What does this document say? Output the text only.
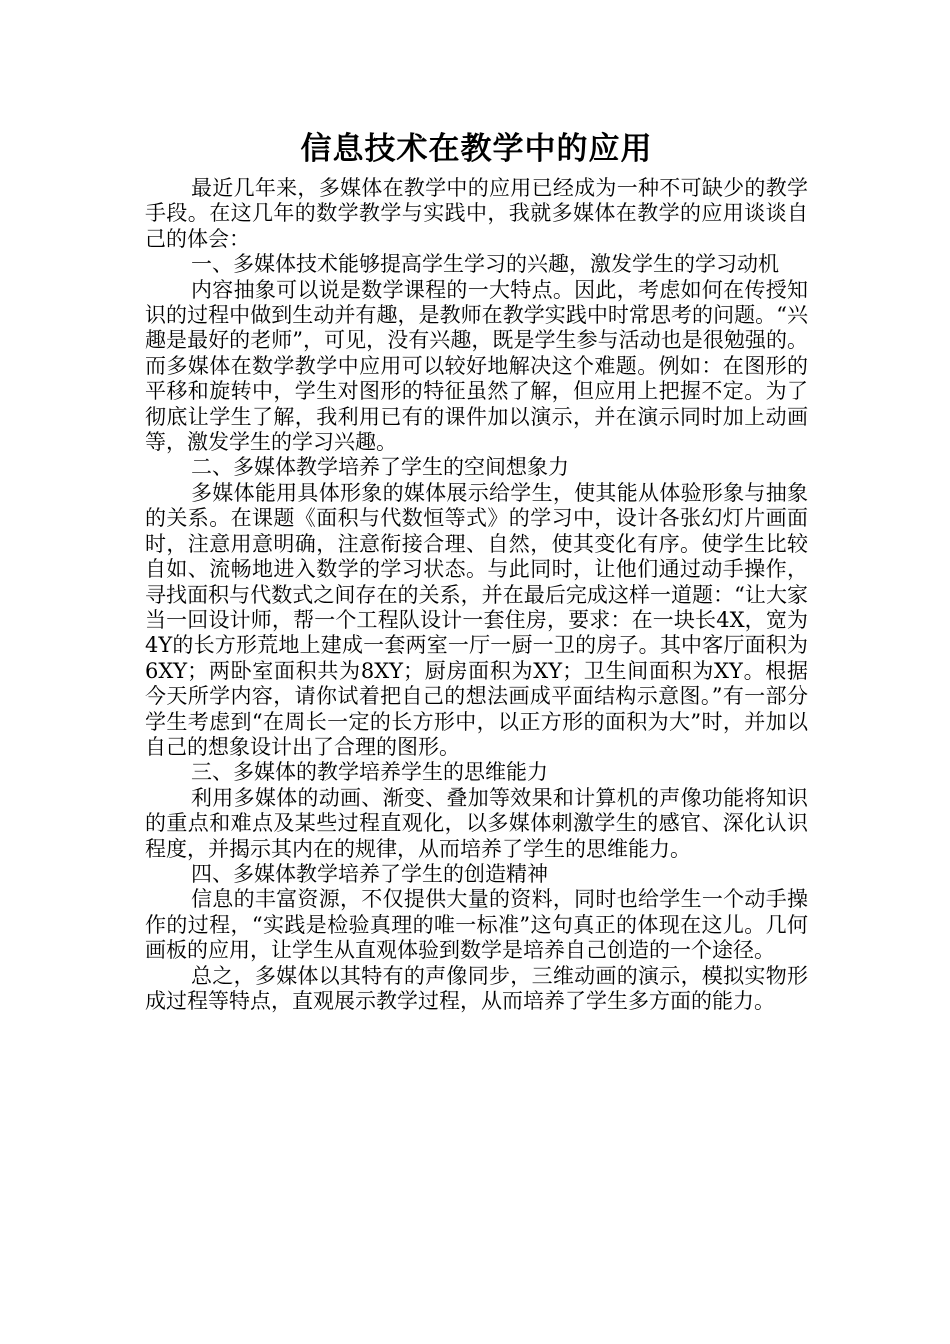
信息技术在教学中的应用

最近几年来，多媒体在教学中的应用已经成为一种不可缺少的教学手段。在这几年的数学教学与实践中，我就多媒体在教学的应用谈谈自己的体会：

一、多媒体技术能够提高学生学习的兴趣，激发学生的学习动机

内容抽象可以说是数学课程的一大特点。因此，考虑如何在传授知识的过程中做到生动并有趣，是教师在教学实践中时常思考的问题。“兴趣是最好的老师”，可见，没有兴趣，既是学生参与活动也是很勉强的。而多媒体在数学教学中应用可以较好地解决这个难题。例如：在图形的平移和旋转中，学生对图形的特征虽然了解，但应用上把握不定。为了彻底让学生了解，我利用已有的课件加以演示，并在演示同时加上动画等，激发学生的学习兴趣。

二、多媒体教学培养了学生的空间想象力

多媒体能用具体形象的媒体展示给学生，使其能从体验形象与抽象的关系。在课题《面积与代数恒等式》的学习中，设计各张幻灯片画面时，注意用意明确，注意衔接合理、自然，使其变化有序。使学生比较自如、流畅地进入数学的学习状态。与此同时，让他们通过动手操作，寻找面积与代数式之间存在的关系，并在最后完成这样一道题：“让大家当一回设计师，帮一个工程队设计一套住房，要求：在一块长4X，宽为4Y的长方形荒地上建成一套两室一厅一厨一卫的房子。其中客厅面积为6XY；两卧室面积共为8XY；厨房面积为XY；卫生间面积为XY。根据今天所学内容，请你试着把自己的想法画成平面结构示意图。”有一部分学生考虑到“在周长一定的长方形中，以正方形的面积为大”时，并加以自己的想象设计出了合理的图形。

三、多媒体的教学培养学生的思维能力

利用多媒体的动画、渐变、叠加等效果和计算机的声像功能将知识的重点和难点及某些过程直观化，以多媒体刺激学生的感官、深化认识程度，并揭示其内在的规律，从而培养了学生的思维能力。

四、多媒体教学培养了学生的创造精神

信息的丰富资源，不仅提供大量的资料，同时也给学生一个动手操作的过程，“实践是检验真理的唯一标准”这句真正的体现在这儿。几何画板的应用，让学生从直观体验到数学是培养自己创造的一个途径。

总之，多媒体以其特有的声像同步，三维动画的演示，模拟实物形成过程等特点，直观展示教学过程，从而培养了学生多方面的能力。
